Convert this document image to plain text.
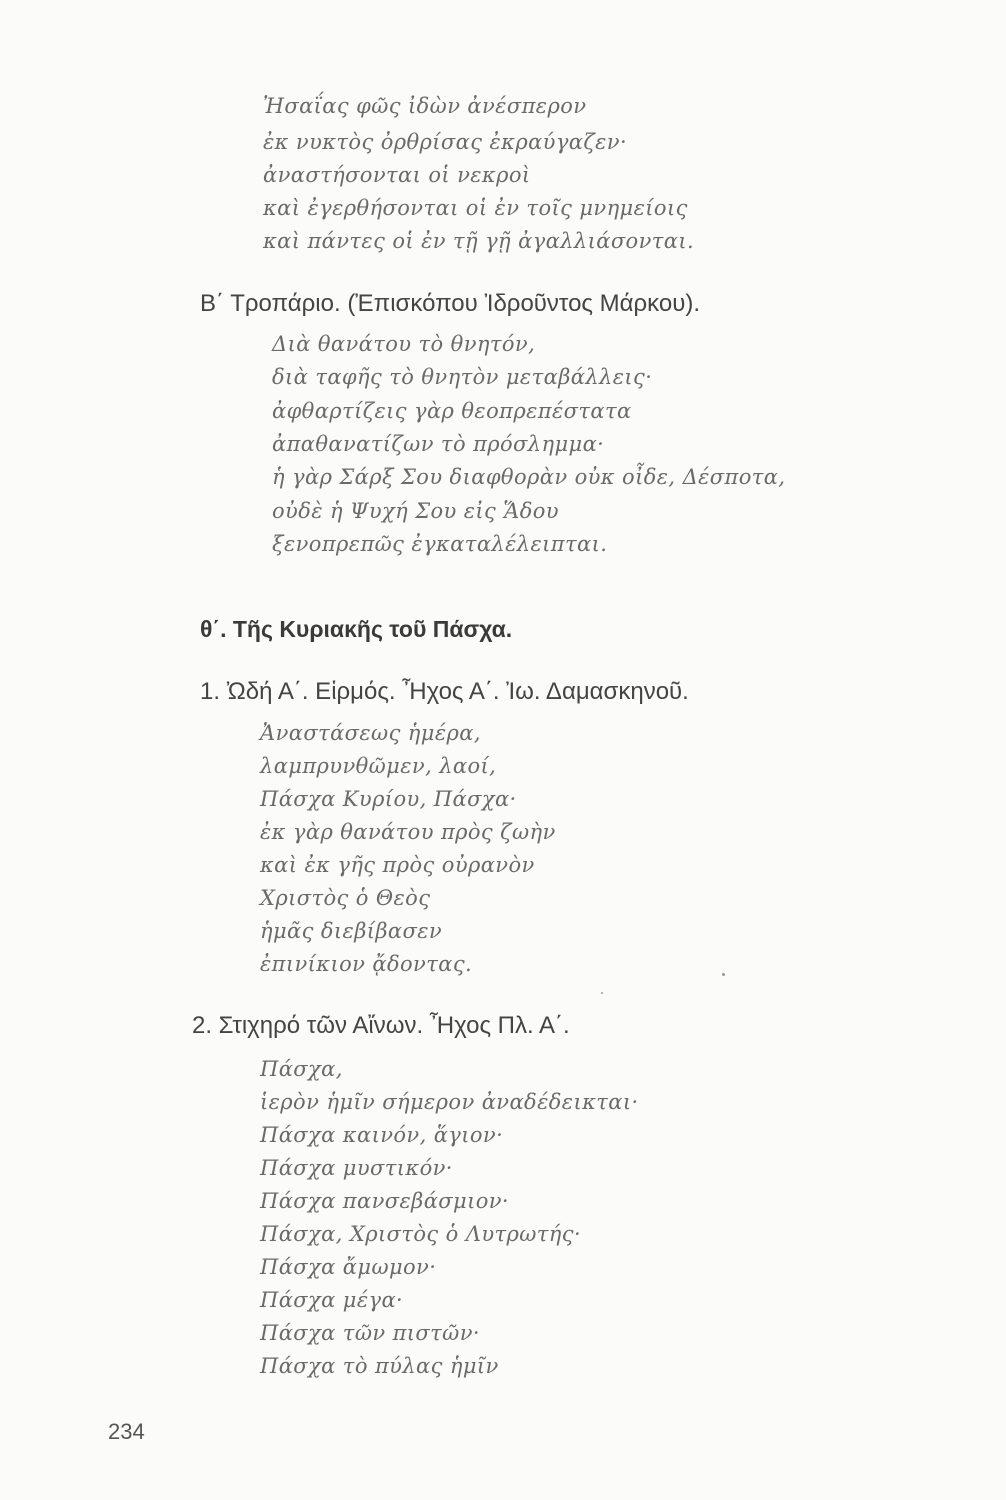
Ἠσαΐας φῶς ἰδὼν ἀνέσπερον
ἐκ νυκτὸς ὀρθρίσας ἐκραύγαζεν·
ἀναστήσονται οἱ νεκροὶ
καὶ ἐγερθήσονται οἱ ἐν τοῖς μνημείοις
καὶ πάντες οἱ ἐν τῇ γῇ ἀγαλλιάσονται.
Β΄ Τροπάριο. (Ἐπισκόπου Ἰδροῦντος Μάρκου).
Διὰ θανάτου τὸ θνητόν,
διὰ ταφῆς τὸ θνητὸν μεταβάλλεις·
ἀφθαρτίζεις γὰρ θεοπρεπέστατα
ἀπαθανατίζων τὸ πρόσλημμα·
ἡ γὰρ Σάρξ Σου διαφθορὰν οὐκ οἶδε, Δέσποτα,
οὐδὲ ἡ Ψυχή Σου εἰς Ἅδου
ξενοπρεπῶς ἐγκαταλέλειπται.
θ΄. Τῆς Κυριακῆς τοῦ Πάσχα.
1. Ὠδή Α΄. Εἱρμός. Ἦχος Α΄. Ἰω. Δαμασκηνοῦ.
Ἀναστάσεως ἡμέρα,
λαμπρυνθῶμεν, λαοί,
Πάσχα Κυρίου, Πάσχα·
ἐκ γὰρ θανάτου πρὸς ζωὴν
καὶ ἐκ γῆς πρὸς οὐρανὸν
Χριστὸς ὁ Θεὸς
ἡμᾶς διεβίβασεν
ἐπινίκιον ᾄδοντας.
2. Στιχηρό τῶν Αἴνων. Ἦχος Πλ. Α΄.
Πάσχα,
ἱερὸν ἡμῖν σήμερον ἀναδέδεικται·
Πάσχα καινόν, ἅγιον·
Πάσχα μυστικόν·
Πάσχα πανσεβάσμιον·
Πάσχα, Χριστὸς ὁ Λυτρωτής·
Πάσχα ἄμωμον·
Πάσχα μέγα·
Πάσχα τῶν πιστῶν·
Πάσχα τὸ πύλας ἡμῖν
234
